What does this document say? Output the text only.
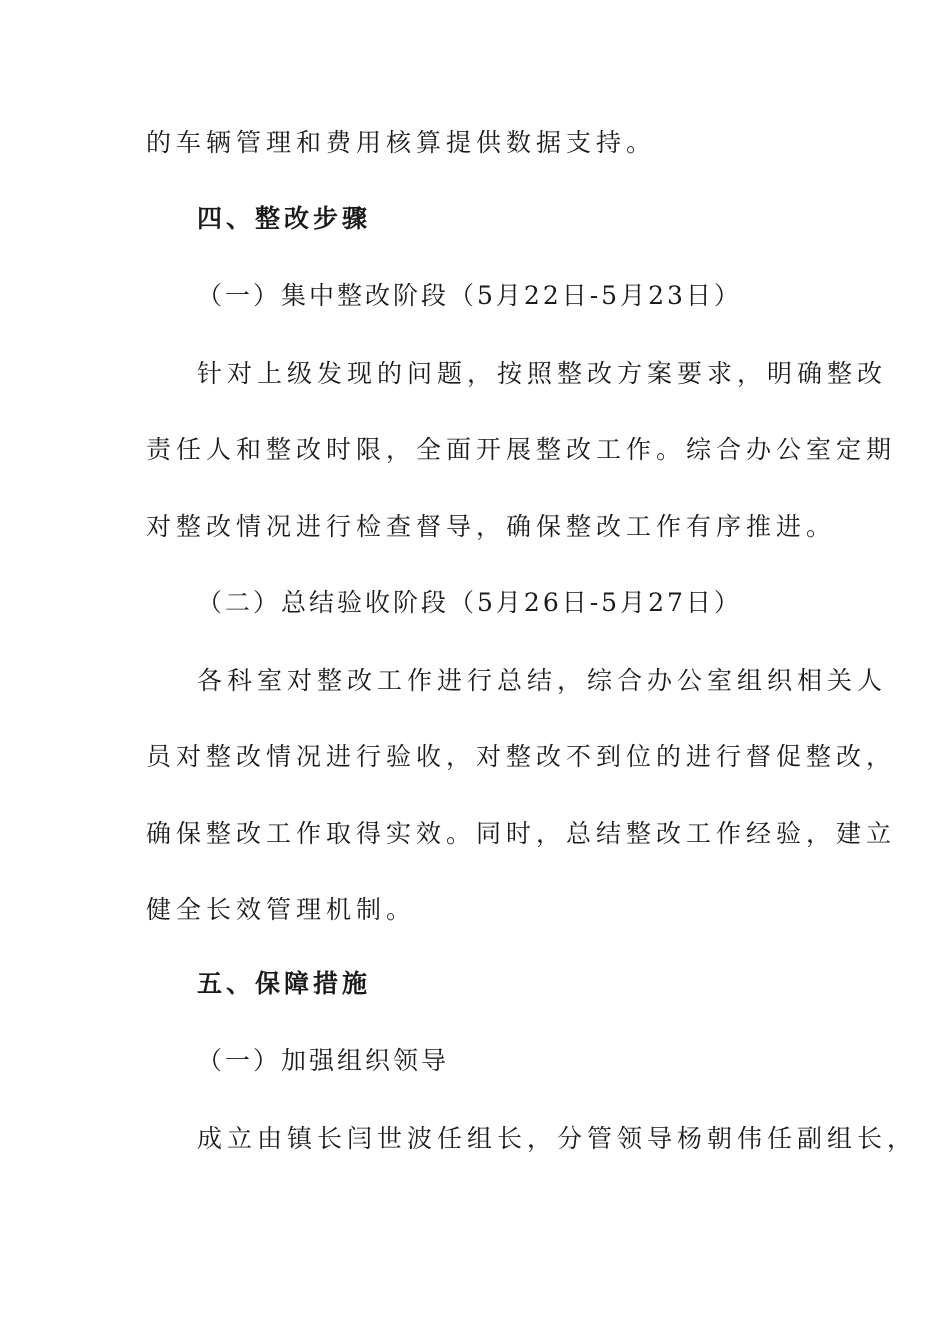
的车辆管理和费用核算提供数据支持。
四、整改步骤
（一）集中整改阶段（5月22日-5月23日）
针对上级发现的问题，按照整改方案要求，明确整改
责任人和整改时限，全面开展整改工作。综合办公室定期
对整改情况进行检查督导，确保整改工作有序推进。
（二）总结验收阶段（5月26日-5月27日）
各科室对整改工作进行总结，综合办公室组织相关人
员对整改情况进行验收，对整改不到位的进行督促整改，
确保整改工作取得实效。同时，总结整改工作经验，建立
健全长效管理机制。
五、保障措施
（一）加强组织领导
成立由镇长闫世波任组长，分管领导杨朝伟任副组长，
